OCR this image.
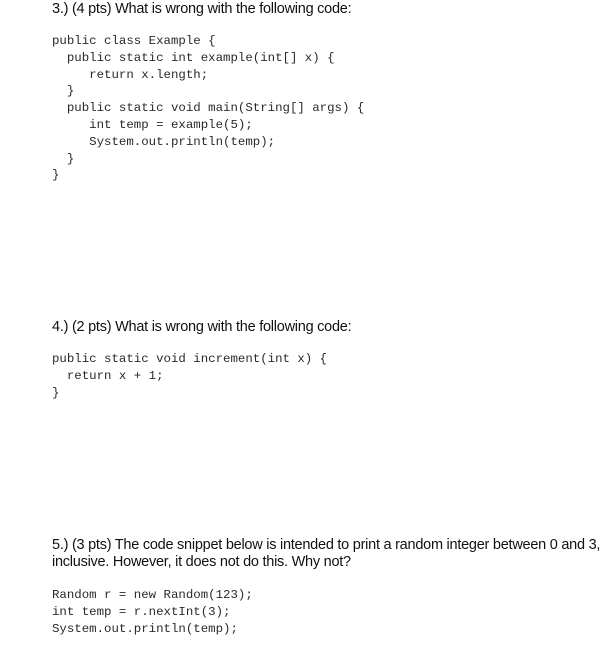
3.) (4 pts) What is wrong with the following code:
public class Example {
public static int example(int[] x) {
return x.length;
}
public static void main(String[] args) {
int temp = example(5);
System.out.println(temp);
}
}
4.) (2 pts) What is wrong with the following code:
public static void increment(int x) {
return x + 1;
}
5.) (3 pts) The code snippet below is intended to print a random integer between 0 and 3, inclusive. However, it does not do this. Why not?
Random r = new Random(123);
int temp = r.nextInt(3);
System.out.println(temp);
